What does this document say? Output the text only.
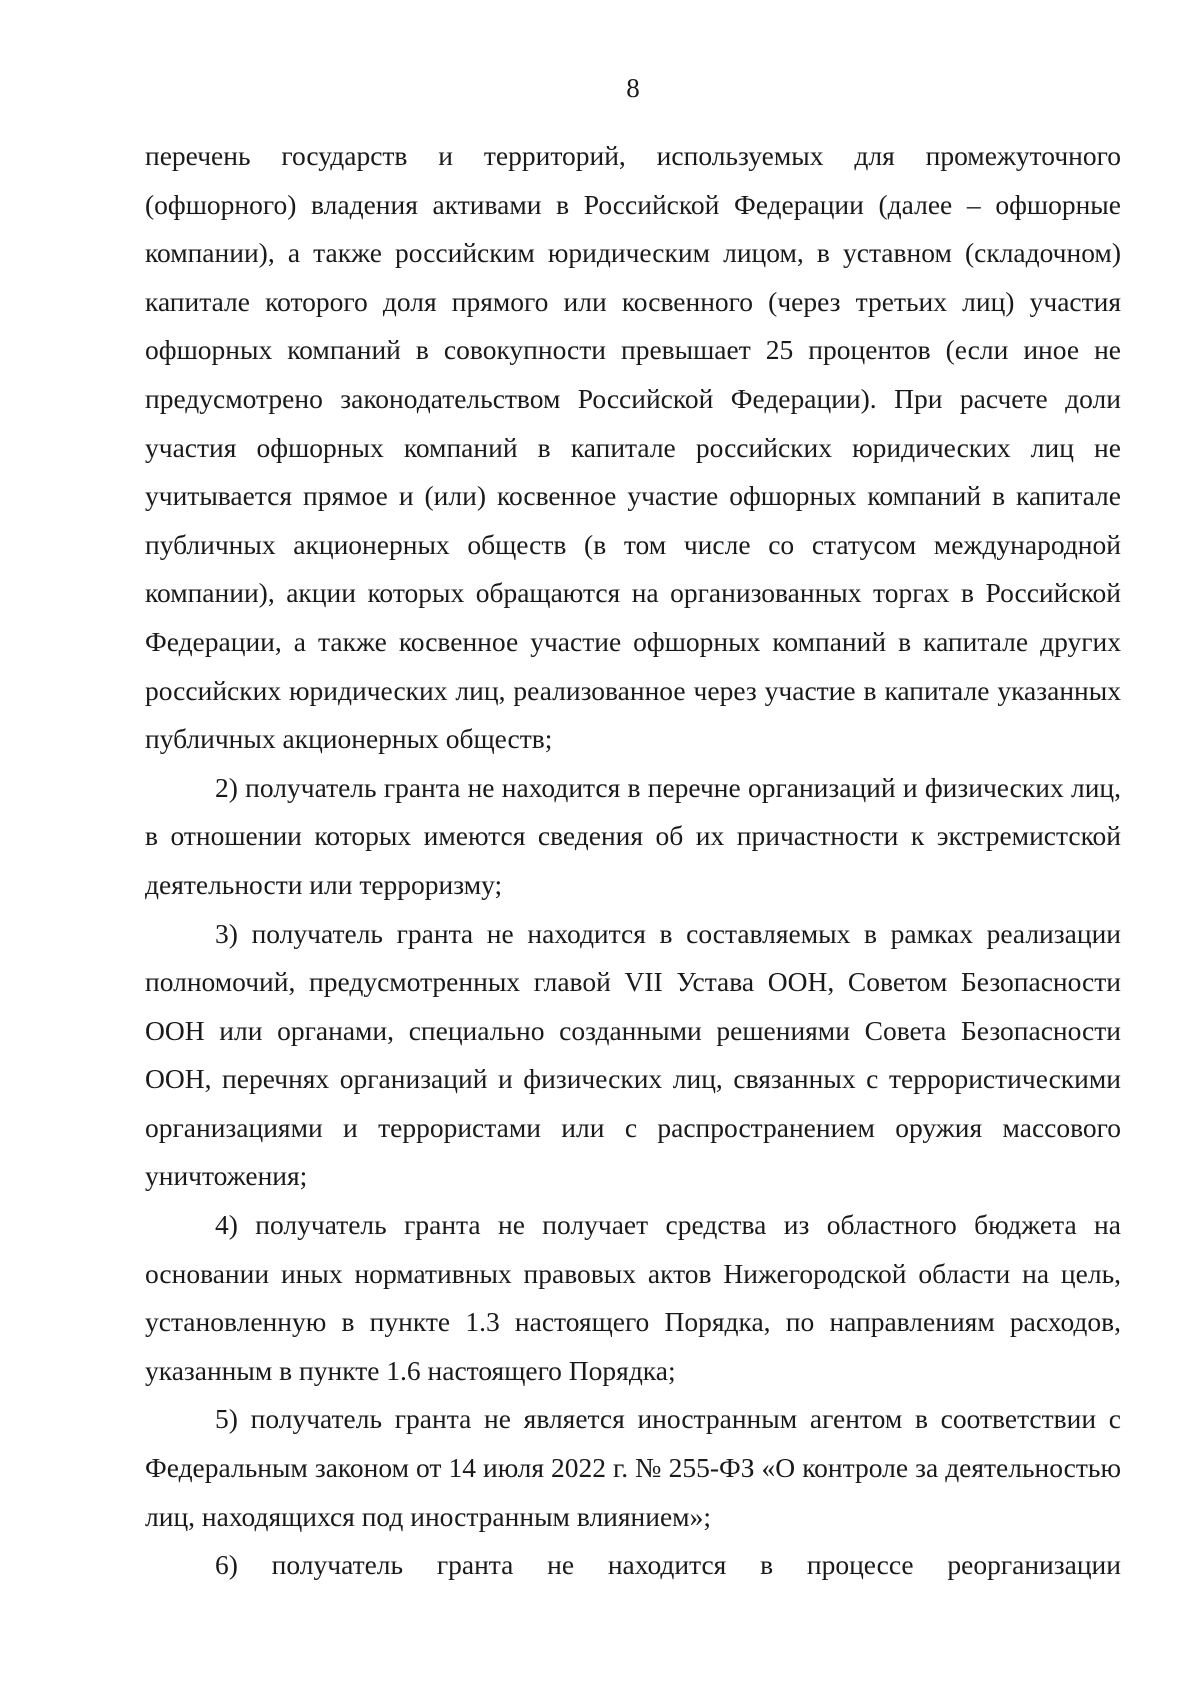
8

перечень государств и территорий, используемых для промежуточного (офшорного) владения активами в Российской Федерации (далее – офшорные компании), а также российским юридическим лицом, в уставном (складочном) капитале которого доля прямого или косвенного (через третьих лиц) участия офшорных компаний в совокупности превышает 25 процентов (если иное не предусмотрено законодательством Российской Федерации). При расчете доли участия офшорных компаний в капитале российских юридических лиц не учитывается прямое и (или) косвенное участие офшорных компаний в капитале публичных акционерных обществ (в том числе со статусом международной компании), акции которых обращаются на организованных торгах в Российской Федерации, а также косвенное участие офшорных компаний в капитале других российских юридических лиц, реализованное через участие в капитале указанных публичных акционерных обществ;

2) получатель гранта не находится в перечне организаций и физических лиц, в отношении которых имеются сведения об их причастности к экстремистской деятельности или терроризму;

3) получатель гранта не находится в составляемых в рамках реализации полномочий, предусмотренных главой VII Устава ООН, Советом Безопасности ООН или органами, специально созданными решениями Совета Безопасности ООН, перечнях организаций и физических лиц, связанных с террористическими организациями и террористами или с распространением оружия массового уничтожения;

4) получатель гранта не получает средства из областного бюджета на основании иных нормативных правовых актов Нижегородской области на цель, установленную в пункте 1.3 настоящего Порядка, по направлениям расходов, указанным в пункте 1.6 настоящего Порядка;

5) получатель гранта не является иностранным агентом в соответствии с Федеральным законом от 14 июля 2022 г. № 255-ФЗ «О контроле за деятельностью лиц, находящихся под иностранным влиянием»;

6) получатель гранта не находится в процессе реорганизации
